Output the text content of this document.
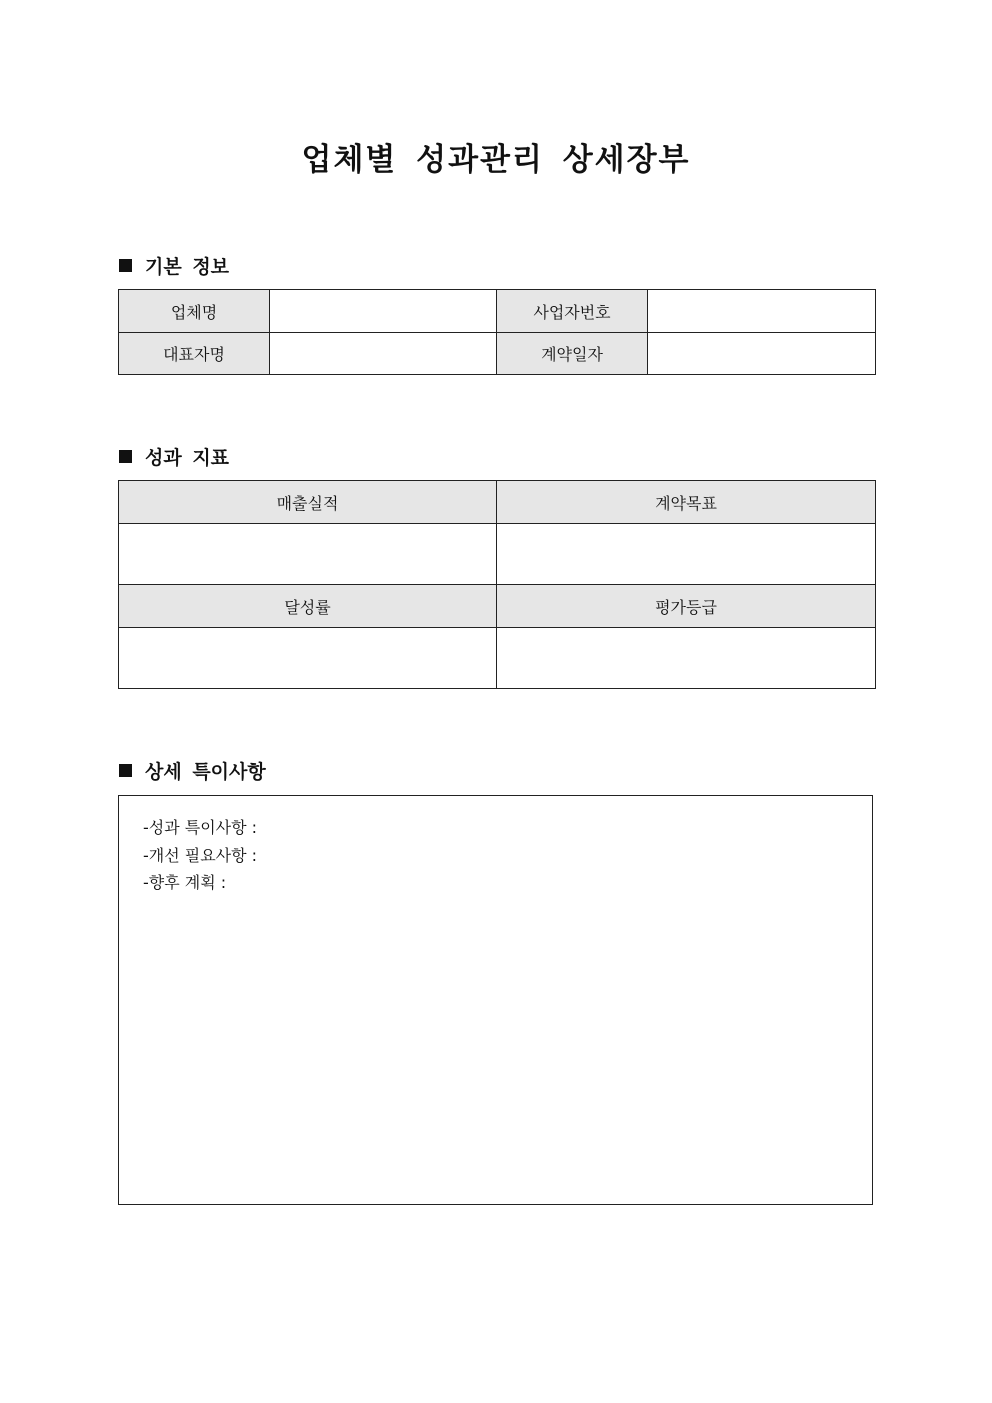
업체별 성과관리 상세장부
기본 정보
업체명		사업자번호	
대표자명		계약일자	
성과 지표
매출실적	계약목표

달성률	평가등급

상세 특이사항
-성과 특이사항 :
-개선 필요사항 :
-향후 계획 :
